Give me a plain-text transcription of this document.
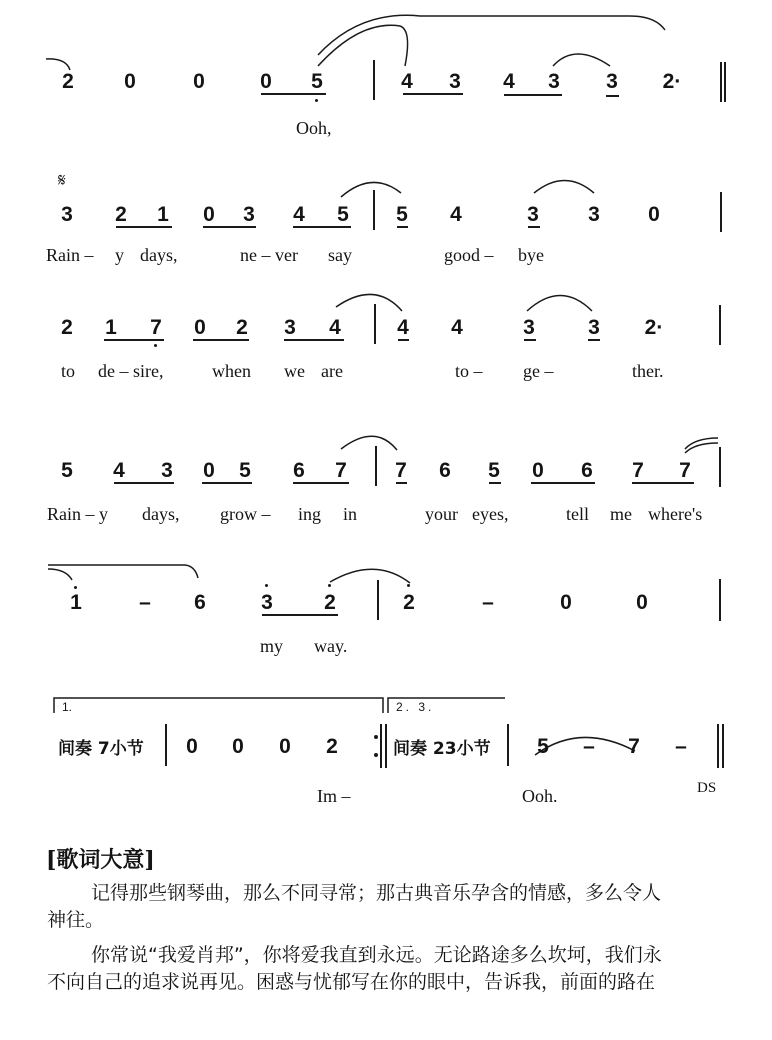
2 0	0	0 5	4 3 4 3 3 2·
Ooh,
𝄋
3 2 1 0 3 4 5 5 4	3 3 0
Rain – y days,	ne – ver say	good – bye
2 1 7 0 2 3 4	4 4	3	3 2·
to de – sire,	when we are	to – ge –	ther.
5 4 3 0 5 6 7 7 6 5 0 6 7 7
Rain – y days, grow – ing in	your eyes,	tell me where's
1	– 6	3 2	2	–	0	0
my way.
1.	2. 3.
间奏 7小节 0 0 0 2	间奏 23小节 5 – 7 –
Im –	Ooh.	DS
[歌词大意]
记得那些钢琴曲，那么不同寻常；那古典音乐孕含的情感，多么令人
神往。
你常说“我爱肖邦”，你将爱我直到永远。无论路途多么坎坷，我们永
不向自己的追求说再见。困惑与忧郁写在你的眼中，告诉我，前面的路在
